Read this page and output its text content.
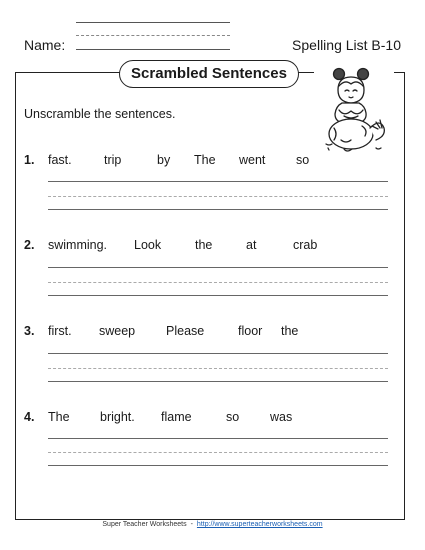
Name:	Spelling List B-10
Scrambled Sentences
Unscramble the sentences.
1. fast.	trip	by The went so
2. swimming. Look	the	at	crab
3. first. sweep Please	floor the
4. The bright. flame	so was
Super Teacher Worksheets - http://www.superteacherworksheets.com
